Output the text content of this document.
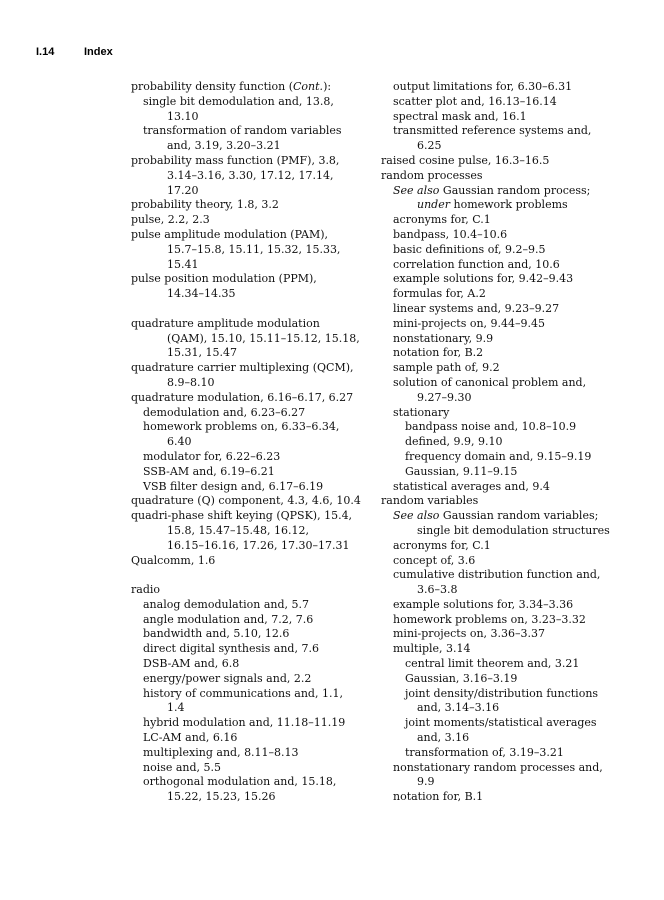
I.14	Index
probability density function (Cont.):
single bit demodulation and, 13.8,
13.10
transformation of random variables
and, 3.19, 3.20–3.21
probability mass function (PMF), 3.8,
3.14–3.16, 3.30, 17.12, 17.14,
17.20
probability theory, 1.8, 3.2
pulse, 2.2, 2.3
pulse amplitude modulation (PAM),
15.7–15.8, 15.11, 15.32, 15.33,
15.41
pulse position modulation (PPM),
14.34–14.35
quadrature amplitude modulation
(QAM), 15.10, 15.11–15.12, 15.18,
15.31, 15.47
quadrature carrier multiplexing (QCM),
8.9–8.10
quadrature modulation, 6.16–6.17, 6.27
demodulation and, 6.23–6.27
homework problems on, 6.33–6.34,
6.40
modulator for, 6.22–6.23
SSB-AM and, 6.19–6.21
VSB filter design and, 6.17–6.19
quadrature (Q) component, 4.3, 4.6, 10.4
quadri-phase shift keying (QPSK), 15.4,
15.8, 15.47–15.48, 16.12,
16.15–16.16, 17.26, 17.30–17.31
Qualcomm, 1.6
radio
analog demodulation and, 5.7
angle modulation and, 7.2, 7.6
bandwidth and, 5.10, 12.6
direct digital synthesis and, 7.6
DSB-AM and, 6.8
energy/power signals and, 2.2
history of communications and, 1.1,
1.4
hybrid modulation and, 11.18–11.19
LC-AM and, 6.16
multiplexing and, 8.11–8.13
noise and, 5.5
orthogonal modulation and, 15.18,
15.22, 15.23, 15.26
output limitations for, 6.30–6.31
scatter plot and, 16.13–16.14
spectral mask and, 16.1
transmitted reference systems and,
6.25
raised cosine pulse, 16.3–16.5
random processes
See also Gaussian random process;
under homework problems
acronyms for, C.1
bandpass, 10.4–10.6
basic definitions of, 9.2–9.5
correlation function and, 10.6
example solutions for, 9.42–9.43
formulas for, A.2
linear systems and, 9.23–9.27
mini-projects on, 9.44–9.45
nonstationary, 9.9
notation for, B.2
sample path of, 9.2
solution of canonical problem and,
9.27–9.30
stationary
bandpass noise and, 10.8–10.9
defined, 9.9, 9.10
frequency domain and, 9.15–9.19
Gaussian, 9.11–9.15
statistical averages and, 9.4
random variables
See also Gaussian random variables;
single bit demodulation structures
acronyms for, C.1
concept of, 3.6
cumulative distribution function and,
3.6–3.8
example solutions for, 3.34–3.36
homework problems on, 3.23–3.32
mini-projects on, 3.36–3.37
multiple, 3.14
central limit theorem and, 3.21
Gaussian, 3.16–3.19
joint density/distribution functions
and, 3.14–3.16
joint moments/statistical averages
and, 3.16
transformation of, 3.19–3.21
nonstationary random processes and,
9.9
notation for, B.1
